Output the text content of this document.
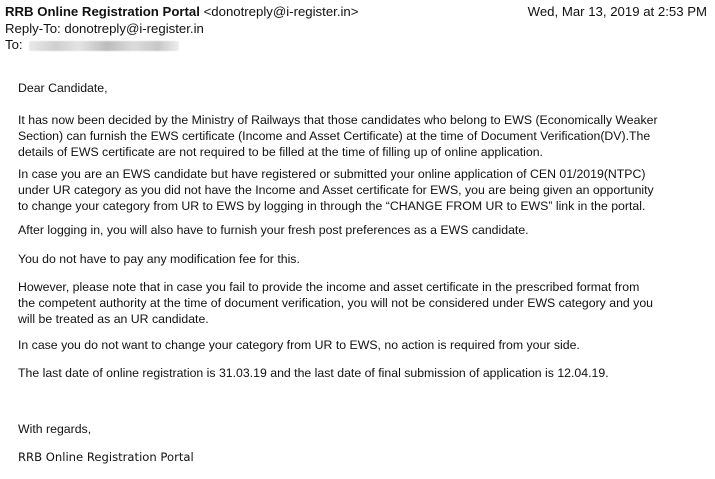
RRB Online Registration Portal <donotreply@i-register.in>	Wed, Mar 13, 2019 at 2:53 PM
Reply-To: donotreply@i-register.in
To:
Dear Candidate,
It has now been decided by the Ministry of Railways that those candidates who belong to EWS (Economically Weaker
Section) can furnish the EWS certificate (Income and Asset Certificate) at the time of Document Verification(DV).The
details of EWS certificate are not required to be filled at the time of filling up of online application.
In case you are an EWS candidate but have registered or submitted your online application of CEN 01/2019(NTPC)
under UR category as you did not have the Income and Asset certificate for EWS, you are being given an opportunity
to change your category from UR to EWS by logging in through the “CHANGE FROM UR to EWS” link in the portal.
After logging in, you will also have to furnish your fresh post preferences as a EWS candidate.
You do not have to pay any modification fee for this.
However, please note that in case you fail to provide the income and asset certificate in the prescribed format from
the competent authority at the time of document verification, you will not be considered under EWS category and you
will be treated as an UR candidate.
In case you do not want to change your category from UR to EWS, no action is required from your side.
The last date of online registration is 31.03.19 and the last date of final submission of application is 12.04.19.
With regards,
RRB Online Registration Portal
